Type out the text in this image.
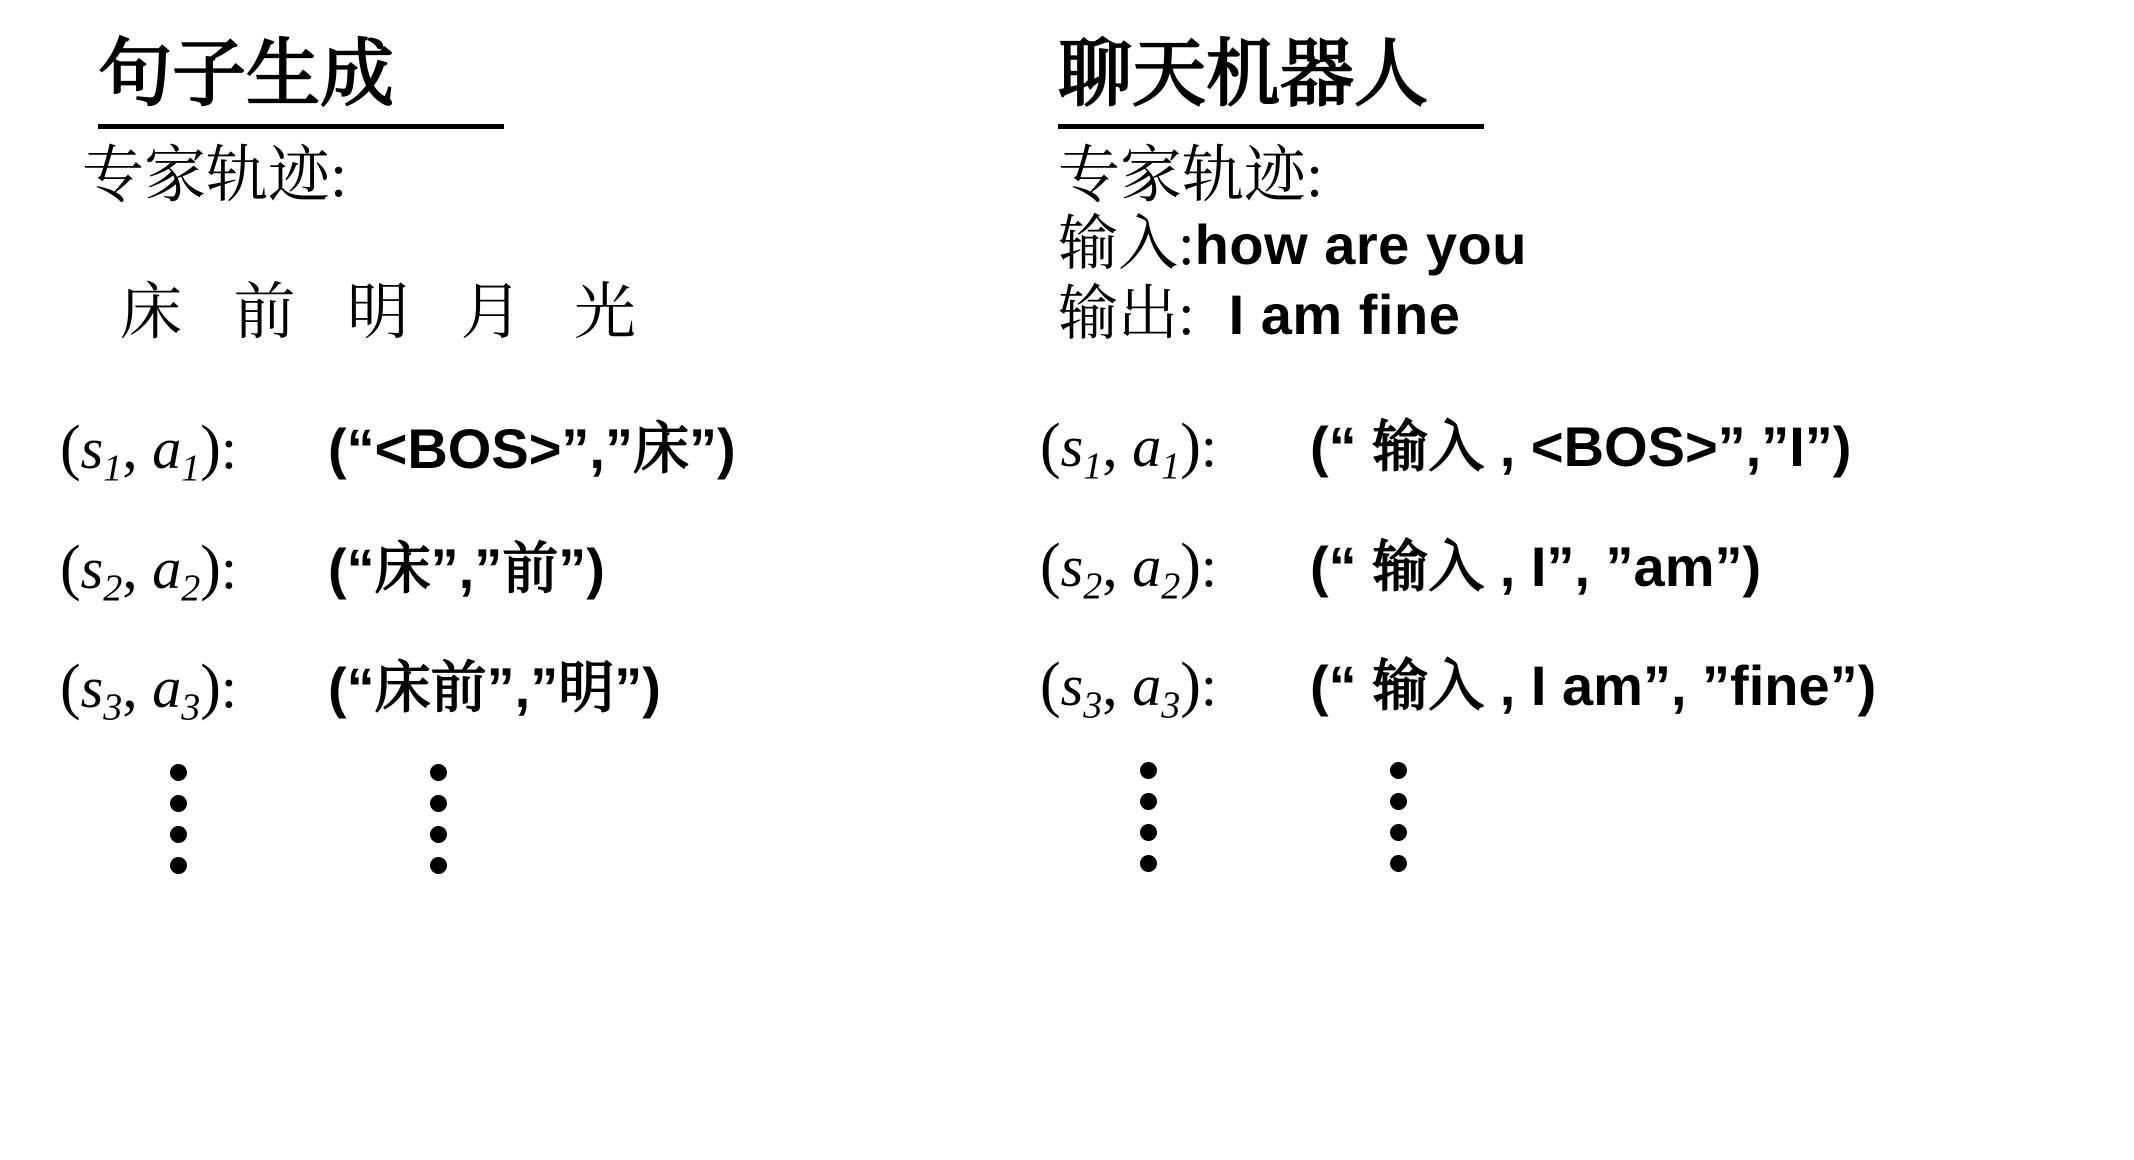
句子生成
专家轨迹:
床 前 明 月 光
($s_1$, $a_1$):	(“<BOS>”,”床”)
($s_2$, $a_2$):	(“床”,”前”)
($s_3$, $a_3$):	(“床前”,”明”)
聊天机器人
专家轨迹:
输入:how are you
输出: I am fine
($s_1$, $a_1$):	(“ 输入 , <BOS>”,”I”)
($s_2$, $a_2$):	(“ 输入 , I”, ”am”)
($s_3$, $a_3$):	(“ 输入 , I am”, ”fine”)
